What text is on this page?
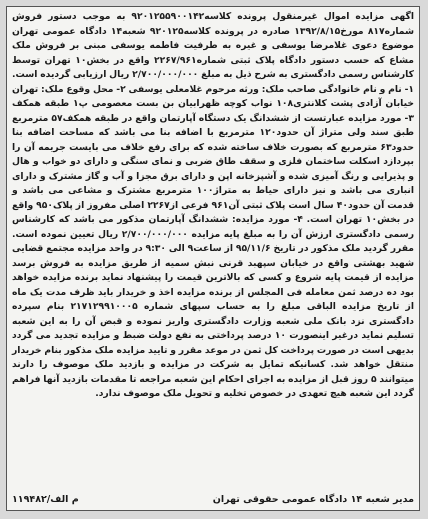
اگهی مزایده اموال غیرمنقول پرونده کلاسه۹۲۰۱۲۵۵۹۰۰۱۴۲ به موجب دستور فروش شماره۸۱۷ مورخ۱۳۹۲/۸/۱۵ صادره در پرونده کلاسه۹۲۰۱۲۵ شعبه۱۴ دادگاه عمومی تهران موضوع دعوی غلامرضا یوسفی و غیره به طرفیت فاطمه یوسفی مبنی بر فروش ملک مشاع که حسب دستور دادگاه پلاک ثبتی شماره۲۲۶۷/۹۶۱ واقع در بخش۱۰ تهران توسط کارشناس رسمی دادگستری به شرح ذیل به مبلغ ۲/۷۰۰/۰۰۰/۰۰۰ ریال ارزیابی گردیده است. ۱- نام و نام خانوادگی صاحب ملک: ورثه مرحوم غلامعلی یوسفی ۲- محل وقوع ملک: تهران خیابان آزادی پشت کلانتری۱۰۸ نواب کوچه ظهرابیان بن بست معصومی پ۱ طبقه همکف ۳- مورد مزایده عبارتست از ششدانگ یک دستگاه آپارتمان واقع در طبقه همکف۵۷ مترمربع طبق سند ولی متراژ آن حدود۱۲۰ مترمربع با اضافه بنا می باشد که مساحت اضافه بنا حدود۶۳ مترمربع که بصورت خلاف ساخته شده که برای رفع خلاف می بایست جریمه آن را بپردازد اسکلت ساختمان فلزی و سقف طاق ضربی و نمای سنگی و دارای دو خواب و هال و پذیرایی و رنگ آمیزی شده و آشپزخانه اپن و دارای برق مجزا و آب و گاز مشترک و دارای انباری می باشد و نیز دارای حیاط به متراژ۱۰۰ مترمربع مشترک و مشاعی می باشد و قدمت آن حدود۴۰ سال است پلاک ثبتی آن۹۶۱ فرعی از۲۲۶۷ اصلی مفروز از پلاک۹۵۰ واقع در بخش۱۰ تهران است. ۴- مورد مزایده: ششدانگ آپارتمان مذکور می باشد که کارشناس رسمی دادگستری ارزش آن را به مبلغ پایه مزایده ۲/۷۰۰/۰۰۰/۰۰۰ ریال تعیین نموده است. مقرر گردید ملک مذکور در تاریخ ۹۵/۱۱/۶ از ساعت۹ الی ۹:۳۰ در واحد مزایده مجتمع قضایی شهید بهشتی واقع در خیابان سپهبد قرنی نبش سمیه از طریق مزایده به فروش برسد مزایده از قیمت پایه شروع و کسی که بالاترین قیمت را پیشنهاد نماید برنده مزایده خواهد بود ده درصد ثمن معامله فی المجلس از برنده مزایده اخذ و خریدار باید ظرف مدت یک ماه از تاریخ مزایده الباقی مبلغ را به حساب سپهای شماره ۲۱۷۱۲۹۹۱۰۰۰۵ بنام سپرده دادگستری نزد بانک ملی شعبه وزارت دادگستری واریز نموده و قبض آن را به این شعبه تسلیم نماید درغیر اینصورت ۱۰ درصد پرداختی به نفع دولت ضبط و مزایده تجدید می گردد بدیهی است در صورت پرداخت کل ثمن در موعد مقرر و تایید مزایده ملک مذکور بنام خریدار منتقل خواهد شد. کسانیکه تمایل به شرکت در مزایده و بازدید ملک موصوف را دارند میتوانند ۵ روز قبل از مزایده به اجرای احکام این شعبه مراجعه تا مقدمات بازدید آنها فراهم گردد این شعبه هیچ تعهدی در خصوص تخلیه و تحویل ملک موصوف ندارد.

مدیر شعبه ۱۴ دادگاه عمومی حقوقی تهران
م الف/۱۱۹۴۸۲
